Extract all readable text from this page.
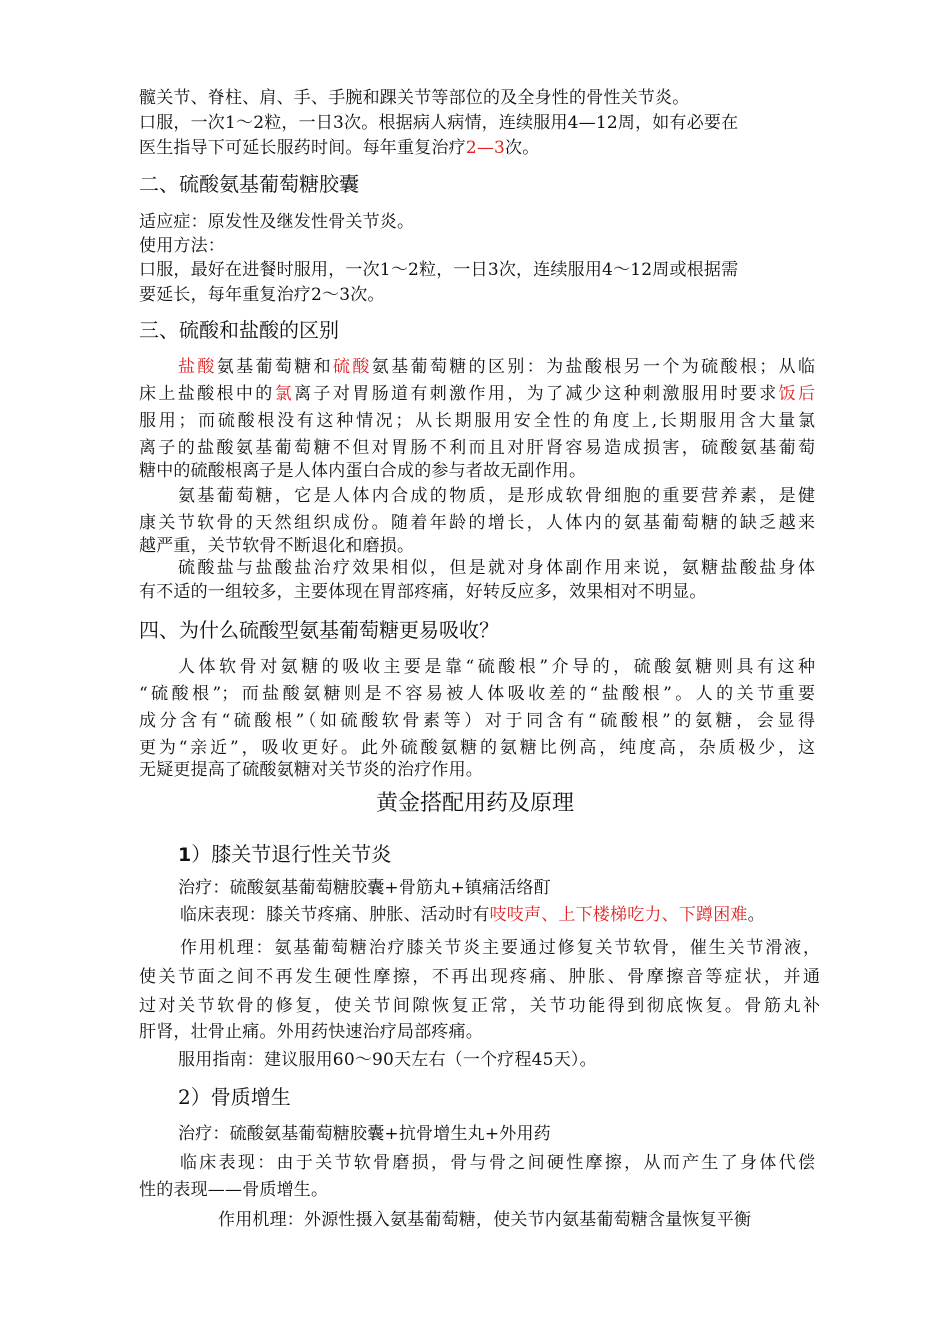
髋关节、脊柱、肩、手、手腕和踝关节等部位的及全身性的骨性关节炎。
口服，一次1～2粒，一日3次。根据病人病情，连续服用4—12周，如有必要在
医生指导下可延长服药时间。每年重复治疗2—3次。
二、硫酸氨基葡萄糖胶囊
适应症：原发性及继发性骨关节炎。
使用方法：
口服，最好在进餐时服用，一次1～2粒，一日3次，连续服用4～12周或根据需
要延长，每年重复治疗2～3次。
三、硫酸和盐酸的区别
盐酸氨基葡萄糖和硫酸氨基葡萄糖的区别：为盐酸根另一个为硫酸根；从临
床上盐酸根中的氯离子对胃肠道有刺激作用，为了减少这种刺激服用时要求饭后
服用；而硫酸根没有这种情况；从长期服用安全性的角度上,长期服用含大量氯
离子的盐酸氨基葡萄糖不但对胃肠不利而且对肝肾容易造成损害，硫酸氨基葡萄
糖中的硫酸根离子是人体内蛋白合成的参与者故无副作用。
氨基葡萄糖，它是人体内合成的物质，是形成软骨细胞的重要营养素，是健
康关节软骨的天然组织成份。随着年龄的增长，人体内的氨基葡萄糖的缺乏越来
越严重，关节软骨不断退化和磨损。
硫酸盐与盐酸盐治疗效果相似，但是就对身体副作用来说，氨糖盐酸盐身体
有不适的一组较多，主要体现在胃部疼痛，好转反应多，效果相对不明显。
四、为什么硫酸型氨基葡萄糖更易吸收？
人体软骨对氨糖的吸收主要是靠“硫酸根”介导的，硫酸氨糖则具有这种
“硫酸根”；而盐酸氨糖则是不容易被人体吸收差的“盐酸根”。人的关节重要
成分含有“硫酸根”（如硫酸软骨素等）对于同含有“硫酸根”的氨糖，会显得
更为“亲近”，吸收更好。此外硫酸氨糖的氨糖比例高，纯度高，杂质极少，这
无疑更提高了硫酸氨糖对关节炎的治疗作用。
黄金搭配用药及原理
1）膝关节退行性关节炎
治疗：硫酸氨基葡萄糖胶囊+骨筋丸+镇痛活络酊
临床表现：膝关节疼痛、肿胀、活动时有吱吱声、上下楼梯吃力、下蹲困难。
作用机理：氨基葡萄糖治疗膝关节炎主要通过修复关节软骨，催生关节滑液，
使关节面之间不再发生硬性摩擦，不再出现疼痛、肿胀、骨摩擦音等症状，并通
过对关节软骨的修复，使关节间隙恢复正常，关节功能得到彻底恢复。骨筋丸补
肝肾，壮骨止痛。外用药快速治疗局部疼痛。
服用指南：建议服用60～90天左右（一个疗程45天）。
2）骨质增生
治疗：硫酸氨基葡萄糖胶囊+抗骨增生丸+外用药
临床表现：由于关节软骨磨损，骨与骨之间硬性摩擦，从而产生了身体代偿
性的表现——骨质增生。
作用机理：外源性摄入氨基葡萄糖，使关节内氨基葡萄糖含量恢复平衡
